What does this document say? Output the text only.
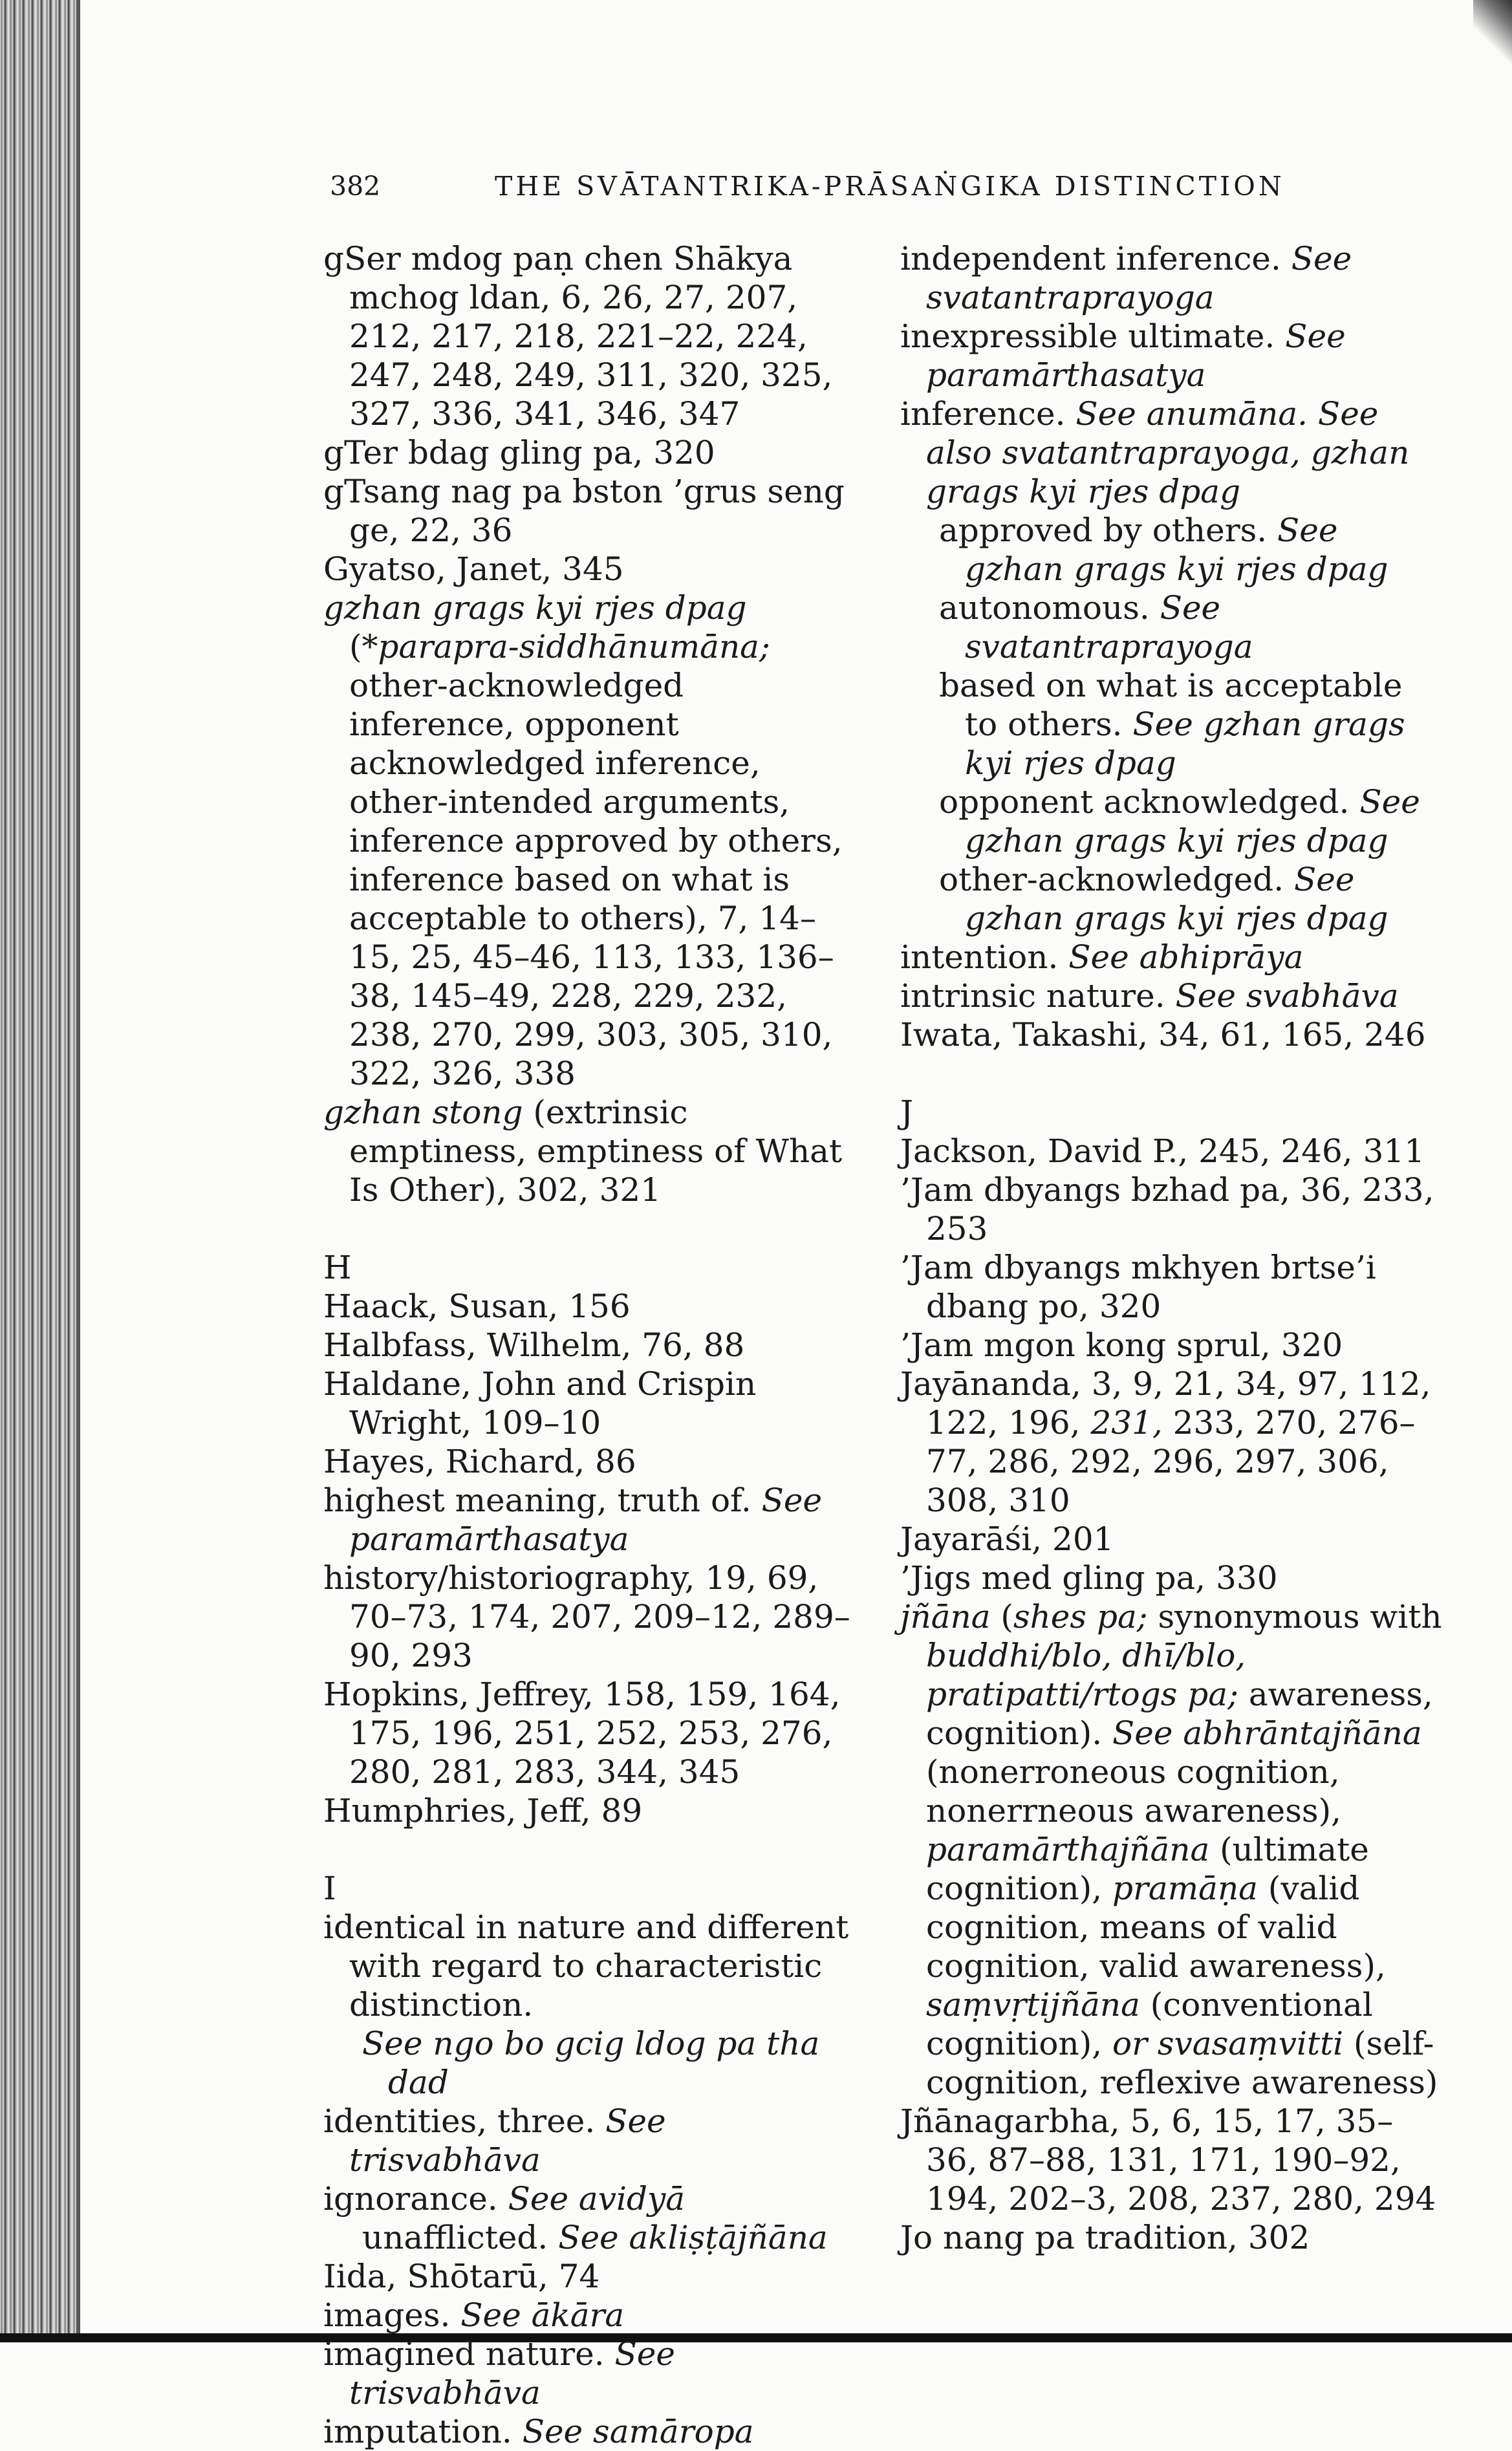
382	THE SVĀTANTRIKA-PRĀSAṄGIKA DISTINCTION

gSer mdog paṇ chen Shākya mchog ldan, 6, 26, 27, 207, 212, 217, 218, 221–22, 224, 247, 248, 249, 311, 320, 325, 327, 336, 341, 346, 347

gTer bdag gling pa, 320

gTsang nag pa bston ’grus seng ge, 22, 36

Gyatso, Janet, 345

gzhan grags kyi rjes dpag (*parapra-siddhānumāna; other-acknowledged inference, opponent acknowledged inference, other-intended arguments, inference approved by others, inference based on what is acceptable to others), 7, 14–15, 25, 45–46, 113, 133, 136–38, 145–49, 228, 229, 232, 238, 270, 299, 303, 305, 310, 322, 326, 338

gzhan stong (extrinsic emptiness, emptiness of What Is Other), 302, 321

H

Haack, Susan, 156

Halbfass, Wilhelm, 76, 88

Haldane, John and Crispin Wright, 109–10

Hayes, Richard, 86

highest meaning, truth of. See paramārthasatya

history/historiography, 19, 69, 70–73, 174, 207, 209–12, 289–90, 293

Hopkins, Jeffrey, 158, 159, 164, 175, 196, 251, 252, 253, 276, 280, 281, 283, 344, 345

Humphries, Jeff, 89

I

identical in nature and different with regard to characteristic distinction.

See ngo bo gcig ldog pa tha dad

identities, three. See trisvabhāva

ignorance. See avidyā

unafflicted. See akliṣṭājñāna

Iida, Shōtarū, 74

images. See ākāra

imagined nature. See trisvabhāva

imputation. See samāropa

independent inference. See svatantraprayoga

inexpressible ultimate. See paramārthasatya

inference. See anumāna. See also svatantraprayoga, gzhan grags kyi rjes dpag

approved by others. See gzhan grags kyi rjes dpag

autonomous. See svatantraprayoga

based on what is acceptable to others. See gzhan grags kyi rjes dpag

opponent acknowledged. See gzhan grags kyi rjes dpag

other-acknowledged. See gzhan grags kyi rjes dpag

intention. See abhiprāya

intrinsic nature. See svabhāva

Iwata, Takashi, 34, 61, 165, 246

J

Jackson, David P., 245, 246, 311

’Jam dbyangs bzhad pa, 36, 233, 253

’Jam dbyangs mkhyen brtse’i dbang po, 320

’Jam mgon kong sprul, 320

Jayānanda, 3, 9, 21, 34, 97, 112, 122, 196, 231, 233, 270, 276–77, 286, 292, 296, 297, 306, 308, 310

Jayarāśi, 201

’Jigs med gling pa, 330

jñāna (shes pa; synonymous with buddhi/blo, dhī/blo, pratipatti/rtogs pa; awareness, cognition). See abhrāntajñāna (nonerroneous cognition, nonerrneous awareness), paramārthajñāna (ultimate cognition), pramāṇa (valid cognition, means of valid cognition, valid awareness), saṃvṛtijñāna (conventional cognition), or svasaṃvitti (self-cognition, reflexive awareness)

Jñānagarbha, 5, 6, 15, 17, 35–36, 87–88, 131, 171, 190–92, 194, 202–3, 208, 237, 280, 294

Jo nang pa tradition, 302
